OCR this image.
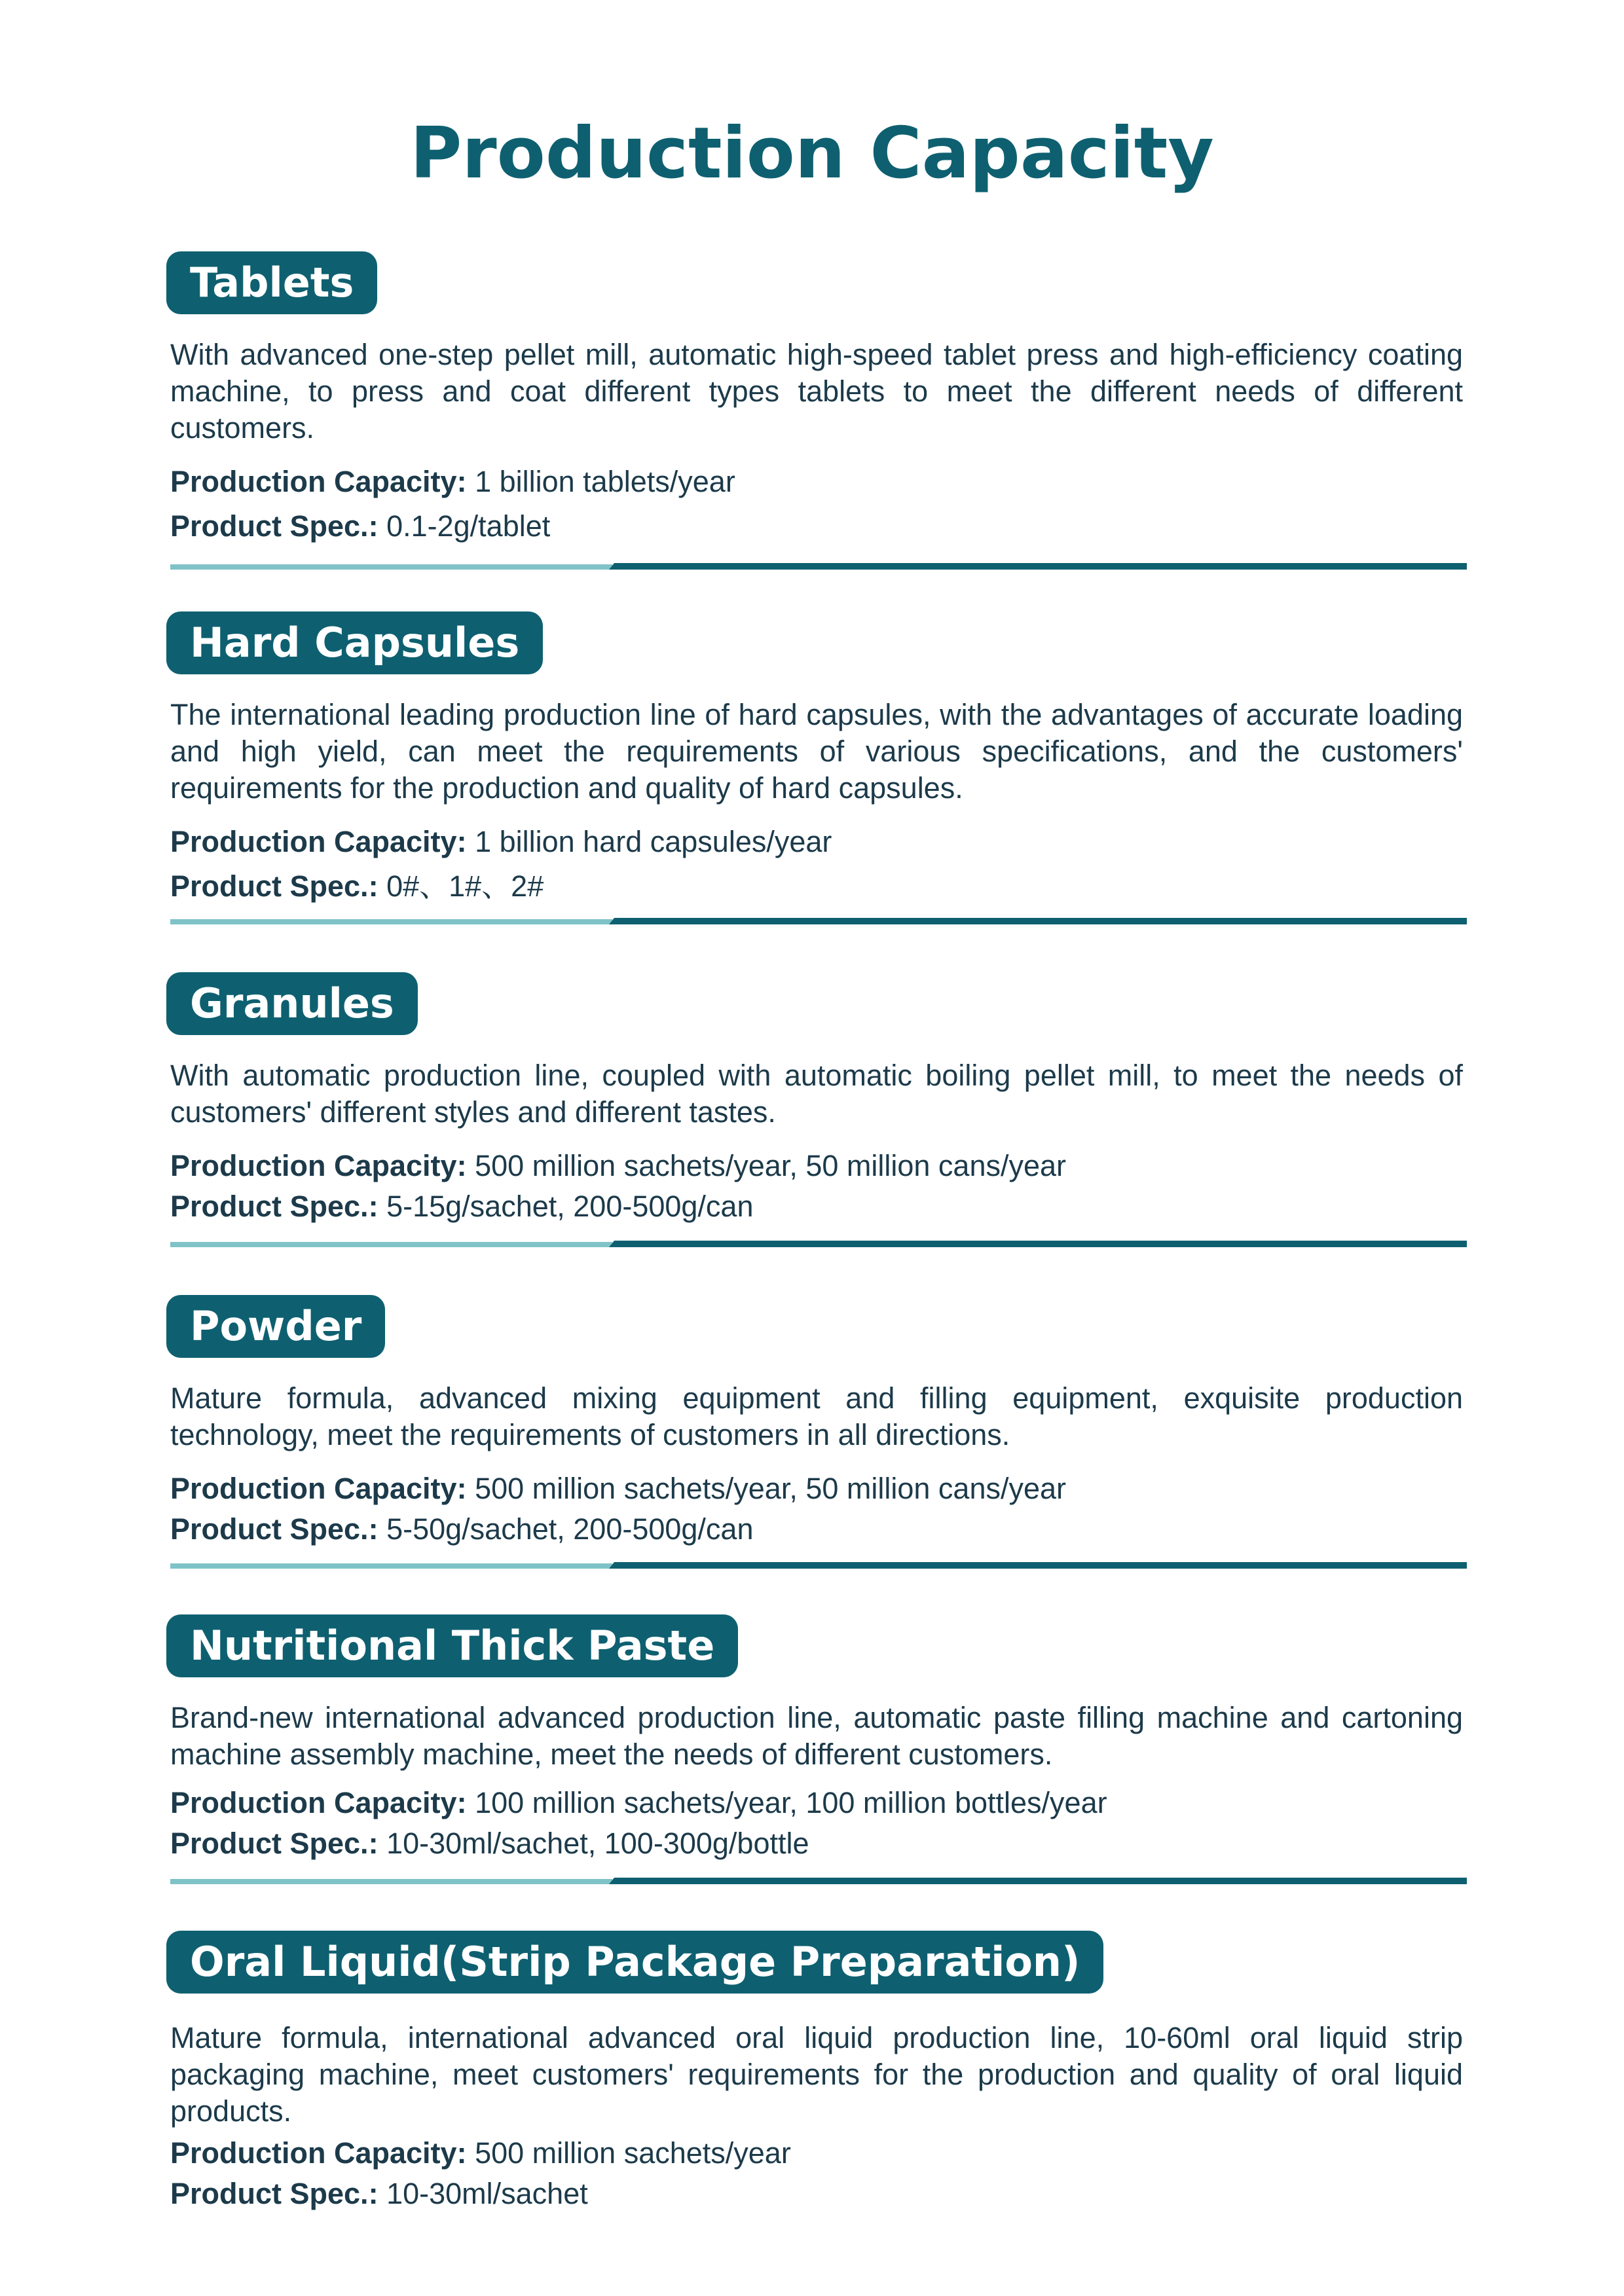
Production Capacity
Tablets
With advanced one-step pellet mill, automatic high-speed tablet press and high-efficiency coating machine, to press and coat different types tablets to meet the different needs of different customers.
Production Capacity: 1 billion tablets/year
Product Spec.: 0.1-2g/tablet
Hard Capsules
The international leading production line of hard capsules, with the advantages of accurate loading and high yield, can meet the requirements of various specifications, and the customers' requirements for the production and quality of hard capsules.
Production Capacity: 1 billion hard capsules/year
Product Spec.: 0#、1#、2#
Granules
With automatic production line, coupled with automatic boiling pellet mill, to meet the needs of customers' different styles and different tastes.
Production Capacity: 500 million sachets/year, 50 million cans/year
Product Spec.: 5-15g/sachet, 200-500g/can
Powder
Mature formula, advanced mixing equipment and filling equipment, exquisite production technology, meet the requirements of customers in all directions.
Production Capacity: 500 million sachets/year, 50 million cans/year
Product Spec.: 5-50g/sachet, 200-500g/can
Nutritional Thick Paste
Brand-new international advanced production line, automatic paste filling machine and cartoning machine assembly machine, meet the needs of different customers.
Production Capacity: 100 million sachets/year, 100 million bottles/year
Product Spec.: 10-30ml/sachet, 100-300g/bottle
Oral Liquid(Strip Package Preparation)
Mature formula, international advanced oral liquid production line, 10-60ml oral liquid strip packaging machine, meet customers' requirements for the production and quality of oral liquid products.
Production Capacity: 500 million sachets/year
Product Spec.: 10-30ml/sachet
